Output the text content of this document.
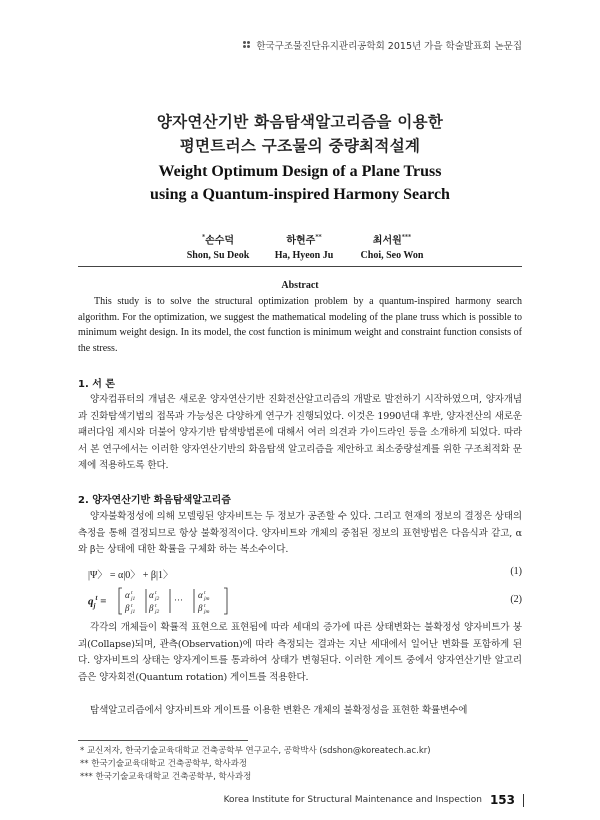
한국구조물진단유지관리공학회 2015년 가을 학술발표회 논문집
양자연산기반 화음탐색알고리즘을 이용한
평면트러스 구조물의 중량최적설계
Weight Optimum Design of a Plane Truss
using a Quantum-inspired Harmony Search
*손수덕
Shon, Su Deok
하현주**
Ha, Hyeon Ju
최서원***
Choi, Seo Won
Abstract
This study is to solve the structural optimization problem by a quantum-inspired harmony search algorithm. For the optimization, we suggest the mathematical modeling of the plane truss which is possible to minimum weight design. In its model, the cost function is minimum weight and constraint function consists of the stress.
1. 서 론
양자컴퓨터의 개념은 새로운 양자연산기반 진화전산알고리즘의 개발로 발전하기 시작하였으며, 양자개념과 진화탐색기법의 접목과 가능성은 다양하게 연구가 진행되었다. 이것은 1990년대 후반, 양자전산의 새로운 패러다임 제시와 더불어 양자기반 탐색방법론에 대해서 여러 의견과 가이드라인 등을 소개하게 되었다. 따라서 본 연구에서는 이러한 양자연산기반의 화음탐색 알고리즘을 제안하고 최소중량설계를 위한 구조최적화 문제에 적용하도록 한다.
2. 양자연산기반 화음탐색알고리즘
양자불확정성에 의해 모델링된 양자비트는 두 정보가 공존할 수 있다. 그리고 현재의 정보의 결정은 상태의 측정을 통해 결정되므로 항상 불확정적이다. 양자비트와 개체의 중첩된 정보의 표현방법은 다음식과 같고, α와 β는 상태에 대한 확률을 구체화 하는 복소수이다.
|Ψ〉 = α|0〉 + β|1〉	(1)
$q_j^t$ =
α
β
α
β
α
β
···
t
j1
t
j1
t
j2
t
j2
t
jm
t
jm
(2)
각각의 개체들이 확률적 표현으로 표현됨에 따라 세대의 증가에 따른 상태변화는 불확정성 양자비트가 붕괴(Collapse)되며, 관측(Observation)에 따라 측정되는 결과는 지난 세대에서 일어난 변화를 포함하게 된다. 양자비트의 상태는 양자게이트를 통과하여 상태가 변형된다. 이러한 게이트 중에서 양자연산기반 알고리즘은 양자회전(Quantum rotation) 게이트를 적용한다.
탐색알고리즘에서 양자비트와 게이트를 이용한 변환은 개체의 불확정성을 표현한 확률변수에
* 교신저자, 한국기술교육대학교 건축공학부 연구교수, 공학박사 (sdshon@koreatech.ac.kr)
** 한국기술교육대학교 건축공학부, 학사과정
*** 한국기술교육대학교 건축공학부, 학사과정
Korea Institute for Structural Maintenance and Inspection 153
